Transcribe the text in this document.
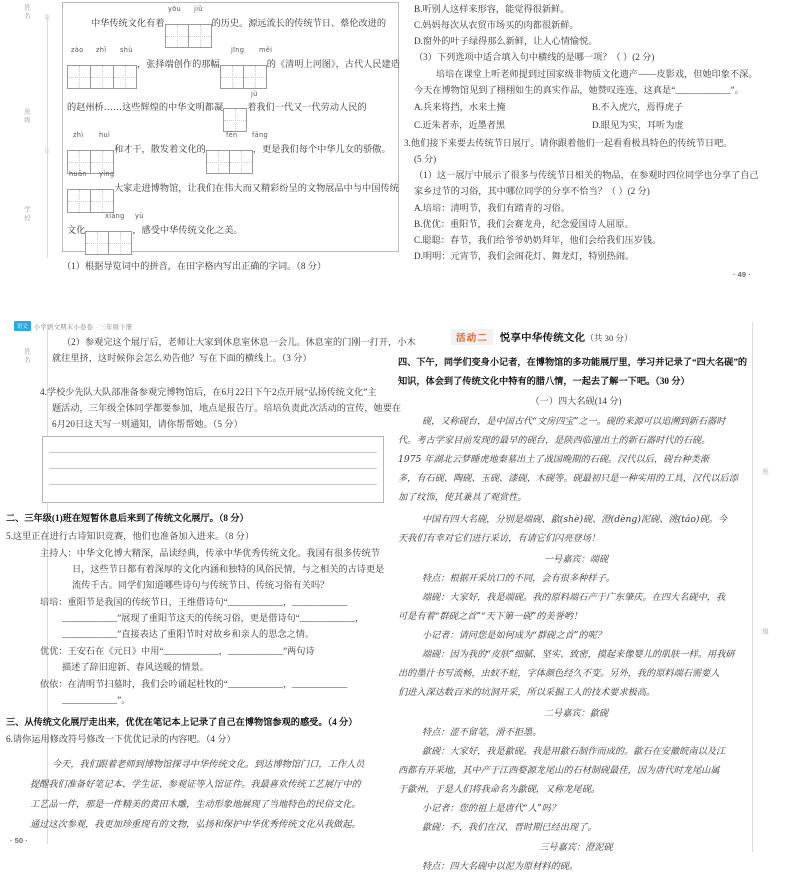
姓名
班级
学校
装
订
yōu jiǔ
中华传统文化有着	的历史。源远流长的传统节日、蔡伦改进的
zào zhǐ shù	jīng měi
，张择端创作的那幅	的《清明上河图》，古代人民建造
jù
的赵州桥……这些辉煌的中华文明都凝	着我们一代又一代劳动人民的
zhì huì	fēn fāng
和才干，散发着文化的	，更是我们每个中华儿女的骄傲。
huān yíng
大家走进博物馆，让我们在伟大而又精彩纷呈的文物展品中与中国传统
xiāng yù
文化	，感受中华传统文化之美。
（1）根据导览词中的拼音，在田字格内写出正确的字词。（8 分）
B.听别人这样来形容，能觉得很新鲜。
C.妈妈每次从农贸市场买的肉都很新鲜。
D.窗外的叶子绿得那么新鲜，让人心情愉悦。
（3）下列选项中适合填入句中横线的是哪一项？（ ）(2 分)
培培在课堂上听老师提到过国家级非物质文化遗产——皮影戏，但她印象不深。
今天在博物馆见到了栩栩如生的真实作品，她赞叹连连，这真是“____________”。
A.兵来将挡，水来土掩	B.不入虎穴，焉得虎子
C.近朱者赤，近墨者黑	D.眼见为实，耳听为虚
3.他们接下来要去传统节日展厅。请你跟着他们一起看看极具特色的传统节日吧。
(5 分)
（1）这一展厅中展示了很多与传统节日相关的物品，在参观时四位同学也分享了自己
家乡过节的习俗，其中哪位同学的分享不恰当？（ ）(2 分)
A.培培：清明节，我们有踏青的习俗。
B.优优：重阳节，我们会赛龙舟，纪念爱国诗人屈原。
C.聪聪：春节，我们给爷爷奶奶拜年，他们会给我们压岁钱。
D.明明：元宵节，我们会闹花灯、舞龙灯，特别热闹。
· 49 ·
姓名
语文 小学语文期末小卷卷 · 三年级下册
（2）参观完这个展厅后，老师让大家到休息室休息一会儿。休息室的门刚一打开，小木
就往里挤，这时候你会怎么劝告他？写在下面的横线上。（3 分）
4.学校少先队大队部准备参观完博物馆后，在6月22日下午2点开展“弘扬传统文化”主
题活动，三年级全体同学都要参加，地点是报告厅。培培负责此次活动的宣传，她要在
6月20日这天写一则通知，请你帮帮她。（5 分）
二、三年级(1)班在短暂休息后来到了传统文化展厅。（8 分）
5.这里正在进行古诗知识竞赛，他们也准备加入进来。（8 分）
主持人：中华文化博大精深，品读经典，传承中华优秀传统文化。我国有很多传统节
日，这些节日都有着深厚的文化内涵和独特的风俗民情，与之相关的古诗更是
流传千古。同学们知道哪些诗句与传统节日、传统习俗有关吗？
培培：重阳节是我国的传统节日，王维借诗句“____________，____________
____________”展现了重阳节这天的传统习俗，更是借诗句“____________，
____________”直接表达了重阳节时对故乡和亲人的思念之情。
优优：王安石在《元日》中用“____________，____________”两句诗
描述了辞旧迎新、春风送暖的情景。
依依：在清明节扫墓时，我们会吟诵起杜牧的“____________，____________
____________”。
三、从传统文化展厅走出来，优优在笔记本上记录了自己在博物馆参观的感受。（4 分）
6.请你运用修改符号修改一下优优记录的内容吧。（4 分）
今天，我们跟着老师到博物馆探寻中华传统文化。到达博物馆门口，工作人员
提醒我们准备好笔记本、学生证、参观证等入馆证件。我最喜欢传统工艺展厅中的
工艺品一件，那是一件精美的黄田木雕，生动形象地展现了当地特色的民俗文化。
通过这次参观，我更加珍重现有的文物，弘扬和保护中华优秀传统文化从我做起。
· 50 ·
活动二 悦享中华传统文化（共 30 分）
四、下午，同学们变身小记者，在博物馆的多功能展厅里，学习并记录了“四大名砚”的
知识，体会到了传统文化中特有的腊八情，一起去了解一下吧。（30 分）
（一）四大名砚(14 分)
砚，又称砚台，是中国古代“文房四宝”之一。砚的来源可以追溯到新石器时
代。考古学家目前发现的最早的砚台，是陕西临潼出土的新石器时代的石砚。
1975 年湖北云梦睡虎地秦墓出土了战国晚期的石砚。汉代以后，砚台种类渐
多，有石砚、陶砚、玉砚、漆砚、木砚等。砚最初只是一种实用的工具，汉代以后添
加了纹饰，使其兼具了观赏性。
中国有四大名砚，分别是端砚、歙(shè)砚、澄(dèng)泥砚、洮(táo)砚。今
天我们有幸对它们进行采访，有请它们闪亮登场！
一号嘉宾：端砚
特点：根据开采坑口的不同，会有很多种样子。
端砚：大家好，我是端砚。我的原料端石产于广东肇庆。在四大名砚中，我
可是有着“群砚之首”“天下第一砚”的美誉哟！
小记者：请问您是如何成为“群砚之首”的呢？
端砚：因为我的“皮肤”细腻、坚实、致密，摸起来像婴儿的肌肤一样。用我研
出的墨汁书写流畅，虫蚁不蛀，字体颜色经久不变。另外，我的原料端石需要人
们进入深达数百米的坑洞开采，所以采掘工人的技术要求极高。
二号嘉宾：歙砚
特点：涩不留笔，滑不拒墨。
歙砚：大家好，我是歙砚。我是用歙石制作而成的。歙石在安徽皖南以及江
西都有开采地，其中产于江西婺源龙尾山的石材制砚最佳，因为唐代时龙尾山属
于歙州，于是人们将我命名为歙砚，又称龙尾砚。
小记者：您的祖上是唐代“人”吗？
歙砚：不，我们在汉、晋时期已经出现了。
三号嘉宾：澄泥砚
特点：四大名砚中以泥为原材料的砚。
班
级
